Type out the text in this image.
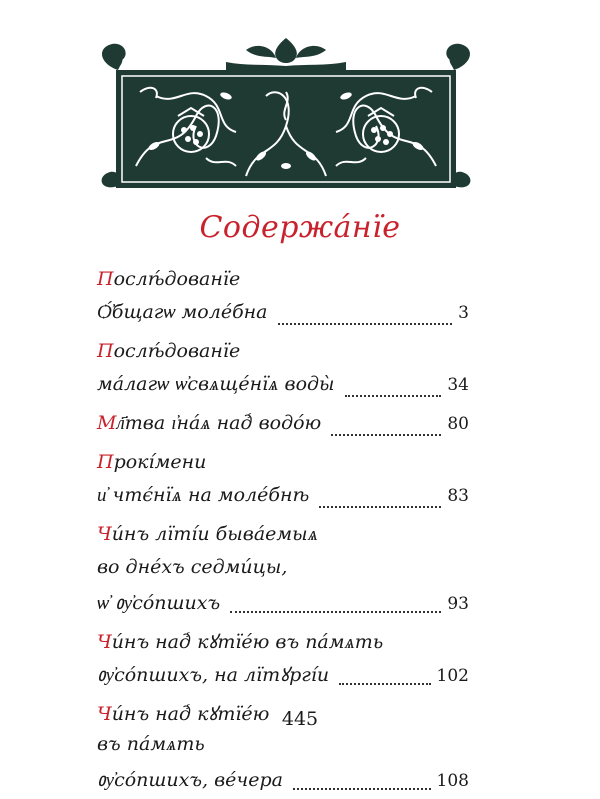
Содержа́нїе
П ослѣ́дованїе
Ѻ҆́бщагѡ моле́бна	3
П ослѣ́дованїе
ма́лагѡ ѡ҆свѧще́нїѧ воды̀	34
М л҃тва ı҆на́ѧ над̾ водо́ю	80
П рокі́мени
и҆ чтє́нїѧ на моле́бнѣ	83
Ч и́нъ лїті́и быва́емыѧ
во дне́хъ седми́цы,
ѡ҆ ᲂу҆со́пшихъ	93
Ч и́нъ над̾ кꙋтїе́ю въ па́мѧть
ᲂу҆со́пшихъ, на лїтꙋргі́и	102
Ч и́нъ над̾ кꙋтїе́ю
въ па́мѧть
ᲂу҆со́пшихъ, ве́чера	108
445
